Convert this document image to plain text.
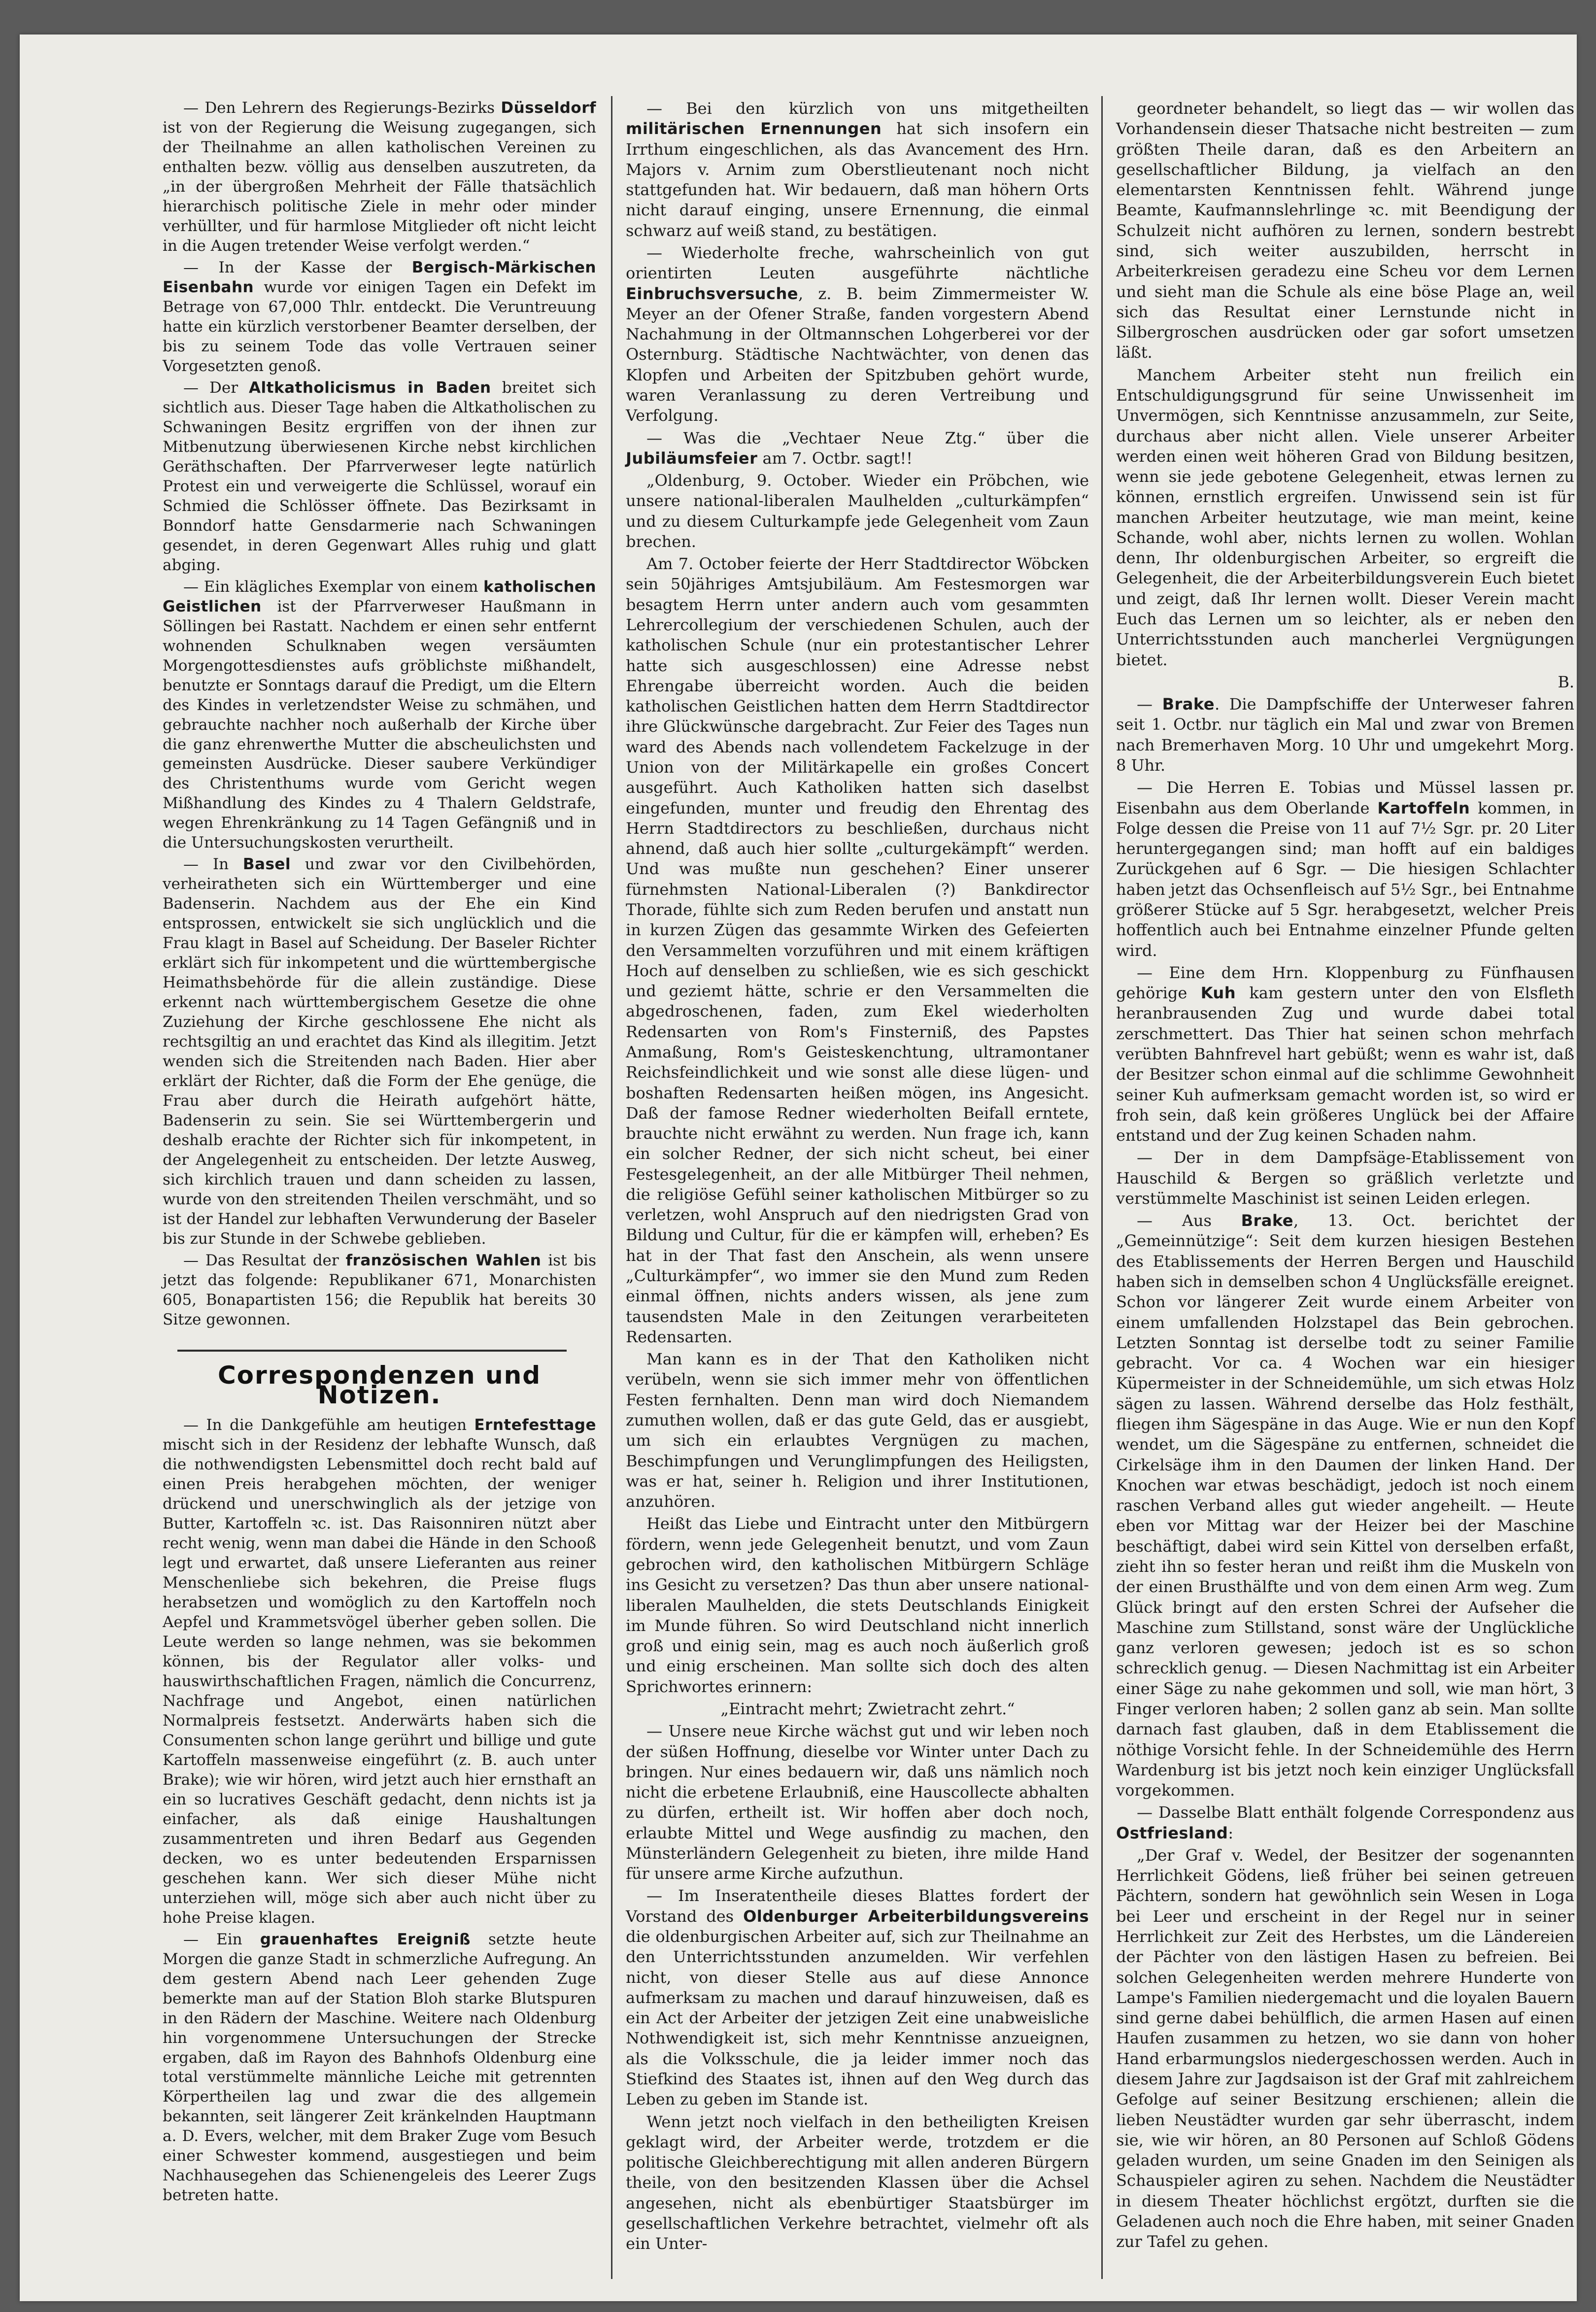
— Den Lehrern des Regierungs-Bezirks Düsseldorf ist von der Regierung die Weisung zugegangen, sich der Theilnahme an allen katholischen Vereinen zu enthalten bezw. völlig aus denselben auszutreten, da „in der übergroßen Mehrheit der Fälle thatsächlich hierarchisch politische Ziele in mehr oder minder verhüllter, und für harmlose Mitglieder oft nicht leicht in die Augen tretender Weise verfolgt werden.“

— In der Kasse der Bergisch-Märkischen Eisenbahn wurde vor einigen Tagen ein Defekt im Betrage von 67,000 Thlr. entdeckt. Die Veruntreuung hatte ein kürzlich verstorbener Beamter derselben, der bis zu seinem Tode das volle Vertrauen seiner Vorgesetzten genoß.

— Der Altkatholicismus in Baden breitet sich sichtlich aus. Dieser Tage haben die Altkatholischen zu Schwaningen Besitz ergriffen von der ihnen zur Mitbenutzung überwiesenen Kirche nebst kirchlichen Geräthschaften. Der Pfarrverweser legte natürlich Protest ein und verweigerte die Schlüssel, worauf ein Schmied die Schlösser öffnete. Das Bezirksamt in Bonndorf hatte Gensdarmerie nach Schwaningen gesendet, in deren Gegenwart Alles ruhig und glatt abging.

— Ein klägliches Exemplar von einem katholischen Geistlichen ist der Pfarrverweser Haußmann in Söllingen bei Rastatt. Nachdem er einen sehr entfernt wohnenden Schulknaben wegen versäumten Morgengottesdienstes aufs gröblichste mißhandelt, benutzte er Sonntags darauf die Predigt, um die Eltern des Kindes in verletzendster Weise zu schmähen, und gebrauchte nachher noch außerhalb der Kirche über die ganz ehrenwerthe Mutter die abscheulichsten und gemeinsten Ausdrücke. Dieser saubere Verkündiger des Christenthums wurde vom Gericht wegen Mißhandlung des Kindes zu 4 Thalern Geldstrafe, wegen Ehrenkränkung zu 14 Tagen Gefängniß und in die Untersuchungskosten verurtheilt.

— In Basel und zwar vor den Civilbehörden, verheiratheten sich ein Württemberger und eine Badenserin. Nachdem aus der Ehe ein Kind entsprossen, entwickelt sie sich unglücklich und die Frau klagt in Basel auf Scheidung. Der Baseler Richter erklärt sich für inkompetent und die württembergische Heimathsbehörde für die allein zuständige. Diese erkennt nach württembergischem Gesetze die ohne Zuziehung der Kirche geschlossene Ehe nicht als rechtsgiltig an und erachtet das Kind als illegitim. Jetzt wenden sich die Streitenden nach Baden. Hier aber erklärt der Richter, daß die Form der Ehe genüge, die Frau aber durch die Heirath aufgehört hätte, Badenserin zu sein. Sie sei Württembergerin und deshalb erachte der Richter sich für inkompetent, in der Angelegenheit zu entscheiden. Der letzte Ausweg, sich kirchlich trauen und dann scheiden zu lassen, wurde von den streitenden Theilen verschmäht, und so ist der Handel zur lebhaften Verwunderung der Baseler bis zur Stunde in der Schwebe geblieben.

— Das Resultat der französischen Wahlen ist bis jetzt das folgende: Republikaner 671, Monarchisten 605, Bonapartisten 156; die Republik hat bereits 30 Sitze gewonnen.

Correspondenzen und Notizen.

— In die Dankgefühle am heutigen Erntefesttage mischt sich in der Residenz der lebhafte Wunsch, daß die nothwendigsten Lebensmittel doch recht bald auf einen Preis herabgehen möchten, der weniger drückend und unerschwinglich als der jetzige von Butter, Kartoffeln ꝛc. ist. Das Raisonniren nützt aber recht wenig, wenn man dabei die Hände in den Schooß legt und erwartet, daß unsere Lieferanten aus reiner Menschenliebe sich bekehren, die Preise flugs herabsetzen und womöglich zu den Kartoffeln noch Aepfel und Krammetsvögel überher geben sollen. Die Leute werden so lange nehmen, was sie bekommen können, bis der Regulator aller volks- und hauswirthschaftlichen Fragen, nämlich die Concurrenz, Nachfrage und Angebot, einen natürlichen Normalpreis festsetzt. Anderwärts haben sich die Consumenten schon lange gerührt und billige und gute Kartoffeln massenweise eingeführt (z. B. auch unter Brake); wie wir hören, wird jetzt auch hier ernsthaft an ein so lucratives Geschäft gedacht, denn nichts ist ja einfacher, als daß einige Haushaltungen zusammentreten und ihren Bedarf aus Gegenden decken, wo es unter bedeutenden Ersparnissen geschehen kann. Wer sich dieser Mühe nicht unterziehen will, möge sich aber auch nicht über zu hohe Preise klagen.

— Ein grauenhaftes Ereigniß setzte heute Morgen die ganze Stadt in schmerzliche Aufregung. An dem gestern Abend nach Leer gehenden Zuge bemerkte man auf der Station Bloh starke Blutspuren in den Rädern der Maschine. Weitere nach Oldenburg hin vorgenommene Untersuchungen der Strecke ergaben, daß im Rayon des Bahnhofs Oldenburg eine total verstümmelte männliche Leiche mit getrennten Körpertheilen lag und zwar die des allgemein bekannten, seit längerer Zeit kränkelnden Hauptmann a. D. Evers, welcher, mit dem Braker Zuge vom Besuch einer Schwester kommend, ausgestiegen und beim Nachhausegehen das Schienengeleis des Leerer Zugs betreten hatte.

— Bei den kürzlich von uns mitgetheilten militärischen Ernennungen hat sich insofern ein Irrthum eingeschlichen, als das Avancement des Hrn. Majors v. Arnim zum Oberstlieutenant noch nicht stattgefunden hat. Wir bedauern, daß man höhern Orts nicht darauf einging, unsere Ernennung, die einmal schwarz auf weiß stand, zu bestätigen.

— Wiederholte freche, wahrscheinlich von gut orientirten Leuten ausgeführte nächtliche Einbruchsversuche, z. B. beim Zimmermeister W. Meyer an der Ofener Straße, fanden vorgestern Abend Nachahmung in der Oltmannschen Lohgerberei vor der Osternburg. Städtische Nachtwächter, von denen das Klopfen und Arbeiten der Spitzbuben gehört wurde, waren Veranlassung zu deren Vertreibung und Verfolgung.

— Was die „Vechtaer Neue Ztg.“ über die Jubiläumsfeier am 7. Octbr. sagt!!

„Oldenburg, 9. October. Wieder ein Pröbchen, wie unsere national-liberalen Maulhelden „culturkämpfen“ und zu diesem Culturkampfe jede Gelegenheit vom Zaun brechen.

Am 7. October feierte der Herr Stadtdirector Wöbcken sein 50jähriges Amtsjubiläum. Am Festesmorgen war besagtem Herrn unter andern auch vom gesammten Lehrercollegium der verschiedenen Schulen, auch der katholischen Schule (nur ein protestantischer Lehrer hatte sich ausgeschlossen) eine Adresse nebst Ehrengabe überreicht worden. Auch die beiden katholischen Geistlichen hatten dem Herrn Stadtdirector ihre Glückwünsche dargebracht. Zur Feier des Tages nun ward des Abends nach vollendetem Fackelzuge in der Union von der Militärkapelle ein großes Concert ausgeführt. Auch Katholiken hatten sich daselbst eingefunden, munter und freudig den Ehrentag des Herrn Stadtdirectors zu beschließen, durchaus nicht ahnend, daß auch hier sollte „culturgekämpft“ werden. Und was mußte nun geschehen? Einer unserer fürnehmsten National-Liberalen (?) Bankdirector Thorade, fühlte sich zum Reden berufen und anstatt nun in kurzen Zügen das gesammte Wirken des Gefeierten den Versammelten vorzuführen und mit einem kräftigen Hoch auf denselben zu schließen, wie es sich geschickt und geziemt hätte, schrie er den Versammelten die abgedroschenen, faden, zum Ekel wiederholten Redensarten von Rom's Finsterniß, des Papstes Anmaßung, Rom's Geisteskenchtung, ultramontaner Reichsfeindlichkeit und wie sonst alle diese lügen- und boshaften Redensarten heißen mögen, ins Angesicht. Daß der famose Redner wiederholten Beifall erntete, brauchte nicht erwähnt zu werden. Nun frage ich, kann ein solcher Redner, der sich nicht scheut, bei einer Festesgelegenheit, an der alle Mitbürger Theil nehmen, die religiöse Gefühl seiner katholischen Mitbürger so zu verletzen, wohl Anspruch auf den niedrigsten Grad von Bildung und Cultur, für die er kämpfen will, erheben? Es hat in der That fast den Anschein, als wenn unsere „Culturkämpfer“, wo immer sie den Mund zum Reden einmal öffnen, nichts anders wissen, als jene zum tausendsten Male in den Zeitungen verarbeiteten Redensarten.

Man kann es in der That den Katholiken nicht verübeln, wenn sie sich immer mehr von öffentlichen Festen fernhalten. Denn man wird doch Niemandem zumuthen wollen, daß er das gute Geld, das er ausgiebt, um sich ein erlaubtes Vergnügen zu machen, Beschimpfungen und Verunglimpfungen des Heiligsten, was er hat, seiner h. Religion und ihrer Institutionen, anzuhören.

Heißt das Liebe und Eintracht unter den Mitbürgern fördern, wenn jede Gelegenheit benutzt, und vom Zaun gebrochen wird, den katholischen Mitbürgern Schläge ins Gesicht zu versetzen? Das thun aber unsere national-liberalen Maulhelden, die stets Deutschlands Einigkeit im Munde führen. So wird Deutschland nicht innerlich groß und einig sein, mag es auch noch äußerlich groß und einig erscheinen. Man sollte sich doch des alten Sprichwortes erinnern:

„Eintracht mehrt; Zwietracht zehrt.“

— Unsere neue Kirche wächst gut und wir leben noch der süßen Hoffnung, dieselbe vor Winter unter Dach zu bringen. Nur eines bedauern wir, daß uns nämlich noch nicht die erbetene Erlaubniß, eine Hauscollecte abhalten zu dürfen, ertheilt ist. Wir hoffen aber doch noch, erlaubte Mittel und Wege ausfindig zu machen, den Münsterländern Gelegenheit zu bieten, ihre milde Hand für unsere arme Kirche aufzuthun.

— Im Inseratentheile dieses Blattes fordert der Vorstand des Oldenburger Arbeiterbildungsvereins die oldenburgischen Arbeiter auf, sich zur Theilnahme an den Unterrichtsstunden anzumelden. Wir verfehlen nicht, von dieser Stelle aus auf diese Annonce aufmerksam zu machen und darauf hinzuweisen, daß es ein Act der Arbeiter der jetzigen Zeit eine unabweisliche Nothwendigkeit ist, sich mehr Kenntnisse anzueignen, als die Volksschule, die ja leider immer noch das Stiefkind des Staates ist, ihnen auf den Weg durch das Leben zu geben im Stande ist.

Wenn jetzt noch vielfach in den betheiligten Kreisen geklagt wird, der Arbeiter werde, trotzdem er die politische Gleichberechtigung mit allen anderen Bürgern theile, von den besitzenden Klassen über die Achsel angesehen, nicht als ebenbürtiger Staatsbürger im gesellschaftlichen Verkehre betrachtet, vielmehr oft als ein Unter-

geordneter behandelt, so liegt das — wir wollen das Vorhandensein dieser Thatsache nicht bestreiten — zum größten Theile daran, daß es den Arbeitern an gesellschaftlicher Bildung, ja vielfach an den elementarsten Kenntnissen fehlt. Während junge Beamte, Kaufmannslehrlinge ꝛc. mit Beendigung der Schulzeit nicht aufhören zu lernen, sondern bestrebt sind, sich weiter auszubilden, herrscht in Arbeiterkreisen geradezu eine Scheu vor dem Lernen und sieht man die Schule als eine böse Plage an, weil sich das Resultat einer Lernstunde nicht in Silbergroschen ausdrücken oder gar sofort umsetzen läßt.

Manchem Arbeiter steht nun freilich ein Entschuldigungsgrund für seine Unwissenheit im Unvermögen, sich Kenntnisse anzusammeln, zur Seite, durchaus aber nicht allen. Viele unserer Arbeiter werden einen weit höheren Grad von Bildung besitzen, wenn sie jede gebotene Gelegenheit, etwas lernen zu können, ernstlich ergreifen. Unwissend sein ist für manchen Arbeiter heutzutage, wie man meint, keine Schande, wohl aber, nichts lernen zu wollen. Wohlan denn, Ihr oldenburgischen Arbeiter, so ergreift die Gelegenheit, die der Arbeiterbildungsverein Euch bietet und zeigt, daß Ihr lernen wollt. Dieser Verein macht Euch das Lernen um so leichter, als er neben den Unterrichtsstunden auch mancherlei Vergnügungen bietet.

B.

— Brake. Die Dampfschiffe der Unterweser fahren seit 1. Octbr. nur täglich ein Mal und zwar von Bremen nach Bremerhaven Morg. 10 Uhr und umgekehrt Morg. 8 Uhr.

— Die Herren E. Tobias und Müssel lassen pr. Eisenbahn aus dem Oberlande Kartoffeln kommen, in Folge dessen die Preise von 11 auf 7½ Sgr. pr. 20 Liter heruntergegangen sind; man hofft auf ein baldiges Zurückgehen auf 6 Sgr. — Die hiesigen Schlachter haben jetzt das Ochsenfleisch auf 5½ Sgr., bei Entnahme größerer Stücke auf 5 Sgr. herabgesetzt, welcher Preis hoffentlich auch bei Entnahme einzelner Pfunde gelten wird.

— Eine dem Hrn. Kloppenburg zu Fünfhausen gehörige Kuh kam gestern unter den von Elsfleth heranbrausenden Zug und wurde dabei total zerschmettert. Das Thier hat seinen schon mehrfach verübten Bahnfrevel hart gebüßt; wenn es wahr ist, daß der Besitzer schon einmal auf die schlimme Gewohnheit seiner Kuh aufmerksam gemacht worden ist, so wird er froh sein, daß kein größeres Unglück bei der Affaire entstand und der Zug keinen Schaden nahm.

— Der in dem Dampfsäge-Etablissement von Hauschild & Bergen so gräßlich verletzte und verstümmelte Maschinist ist seinen Leiden erlegen.

— Aus Brake, 13. Oct. berichtet der „Gemeinnützige“: Seit dem kurzen hiesigen Bestehen des Etablissements der Herren Bergen und Hauschild haben sich in demselben schon 4 Unglücksfälle ereignet. Schon vor längerer Zeit wurde einem Arbeiter von einem umfallenden Holzstapel das Bein gebrochen. Letzten Sonntag ist derselbe todt zu seiner Familie gebracht. Vor ca. 4 Wochen war ein hiesiger Küpermeister in der Schneidemühle, um sich etwas Holz sägen zu lassen. Während derselbe das Holz festhält, fliegen ihm Sägespäne in das Auge. Wie er nun den Kopf wendet, um die Sägespäne zu entfernen, schneidet die Cirkelsäge ihm in den Daumen der linken Hand. Der Knochen war etwas beschädigt, jedoch ist noch einem raschen Verband alles gut wieder angeheilt. — Heute eben vor Mittag war der Heizer bei der Maschine beschäftigt, dabei wird sein Kittel von derselben erfaßt, zieht ihn so fester heran und reißt ihm die Muskeln von der einen Brusthälfte und von dem einen Arm weg. Zum Glück bringt auf den ersten Schrei der Aufseher die Maschine zum Stillstand, sonst wäre der Unglückliche ganz verloren gewesen; jedoch ist es so schon schrecklich genug. — Diesen Nachmittag ist ein Arbeiter einer Säge zu nahe gekommen und soll, wie man hört, 3 Finger verloren haben; 2 sollen ganz ab sein. Man sollte darnach fast glauben, daß in dem Etablissement die nöthige Vorsicht fehle. In der Schneidemühle des Herrn Wardenburg ist bis jetzt noch kein einziger Unglücksfall vorgekommen.

— Dasselbe Blatt enthält folgende Correspondenz aus Ostfriesland:

„Der Graf v. Wedel, der Besitzer der sogenannten Herrlichkeit Gödens, ließ früher bei seinen getreuen Pächtern, sondern hat gewöhnlich sein Wesen in Loga bei Leer und erscheint in der Regel nur in seiner Herrlichkeit zur Zeit des Herbstes, um die Ländereien der Pächter von den lästigen Hasen zu befreien. Bei solchen Gelegenheiten werden mehrere Hunderte von Lampe's Familien niedergemacht und die loyalen Bauern sind gerne dabei behülflich, die armen Hasen auf einen Haufen zusammen zu hetzen, wo sie dann von hoher Hand erbarmungslos niedergeschossen werden. Auch in diesem Jahre zur Jagdsaison ist der Graf mit zahlreichem Gefolge auf seiner Besitzung erschienen; allein die lieben Neustädter wurden gar sehr überrascht, indem sie, wie wir hören, an 80 Personen auf Schloß Gödens geladen wurden, um seine Gnaden im den Seinigen als Schauspieler agiren zu sehen. Nachdem die Neustädter in diesem Theater höchlichst ergötzt, durften sie die Geladenen auch noch die Ehre haben, mit seiner Gnaden zur Tafel zu gehen.
